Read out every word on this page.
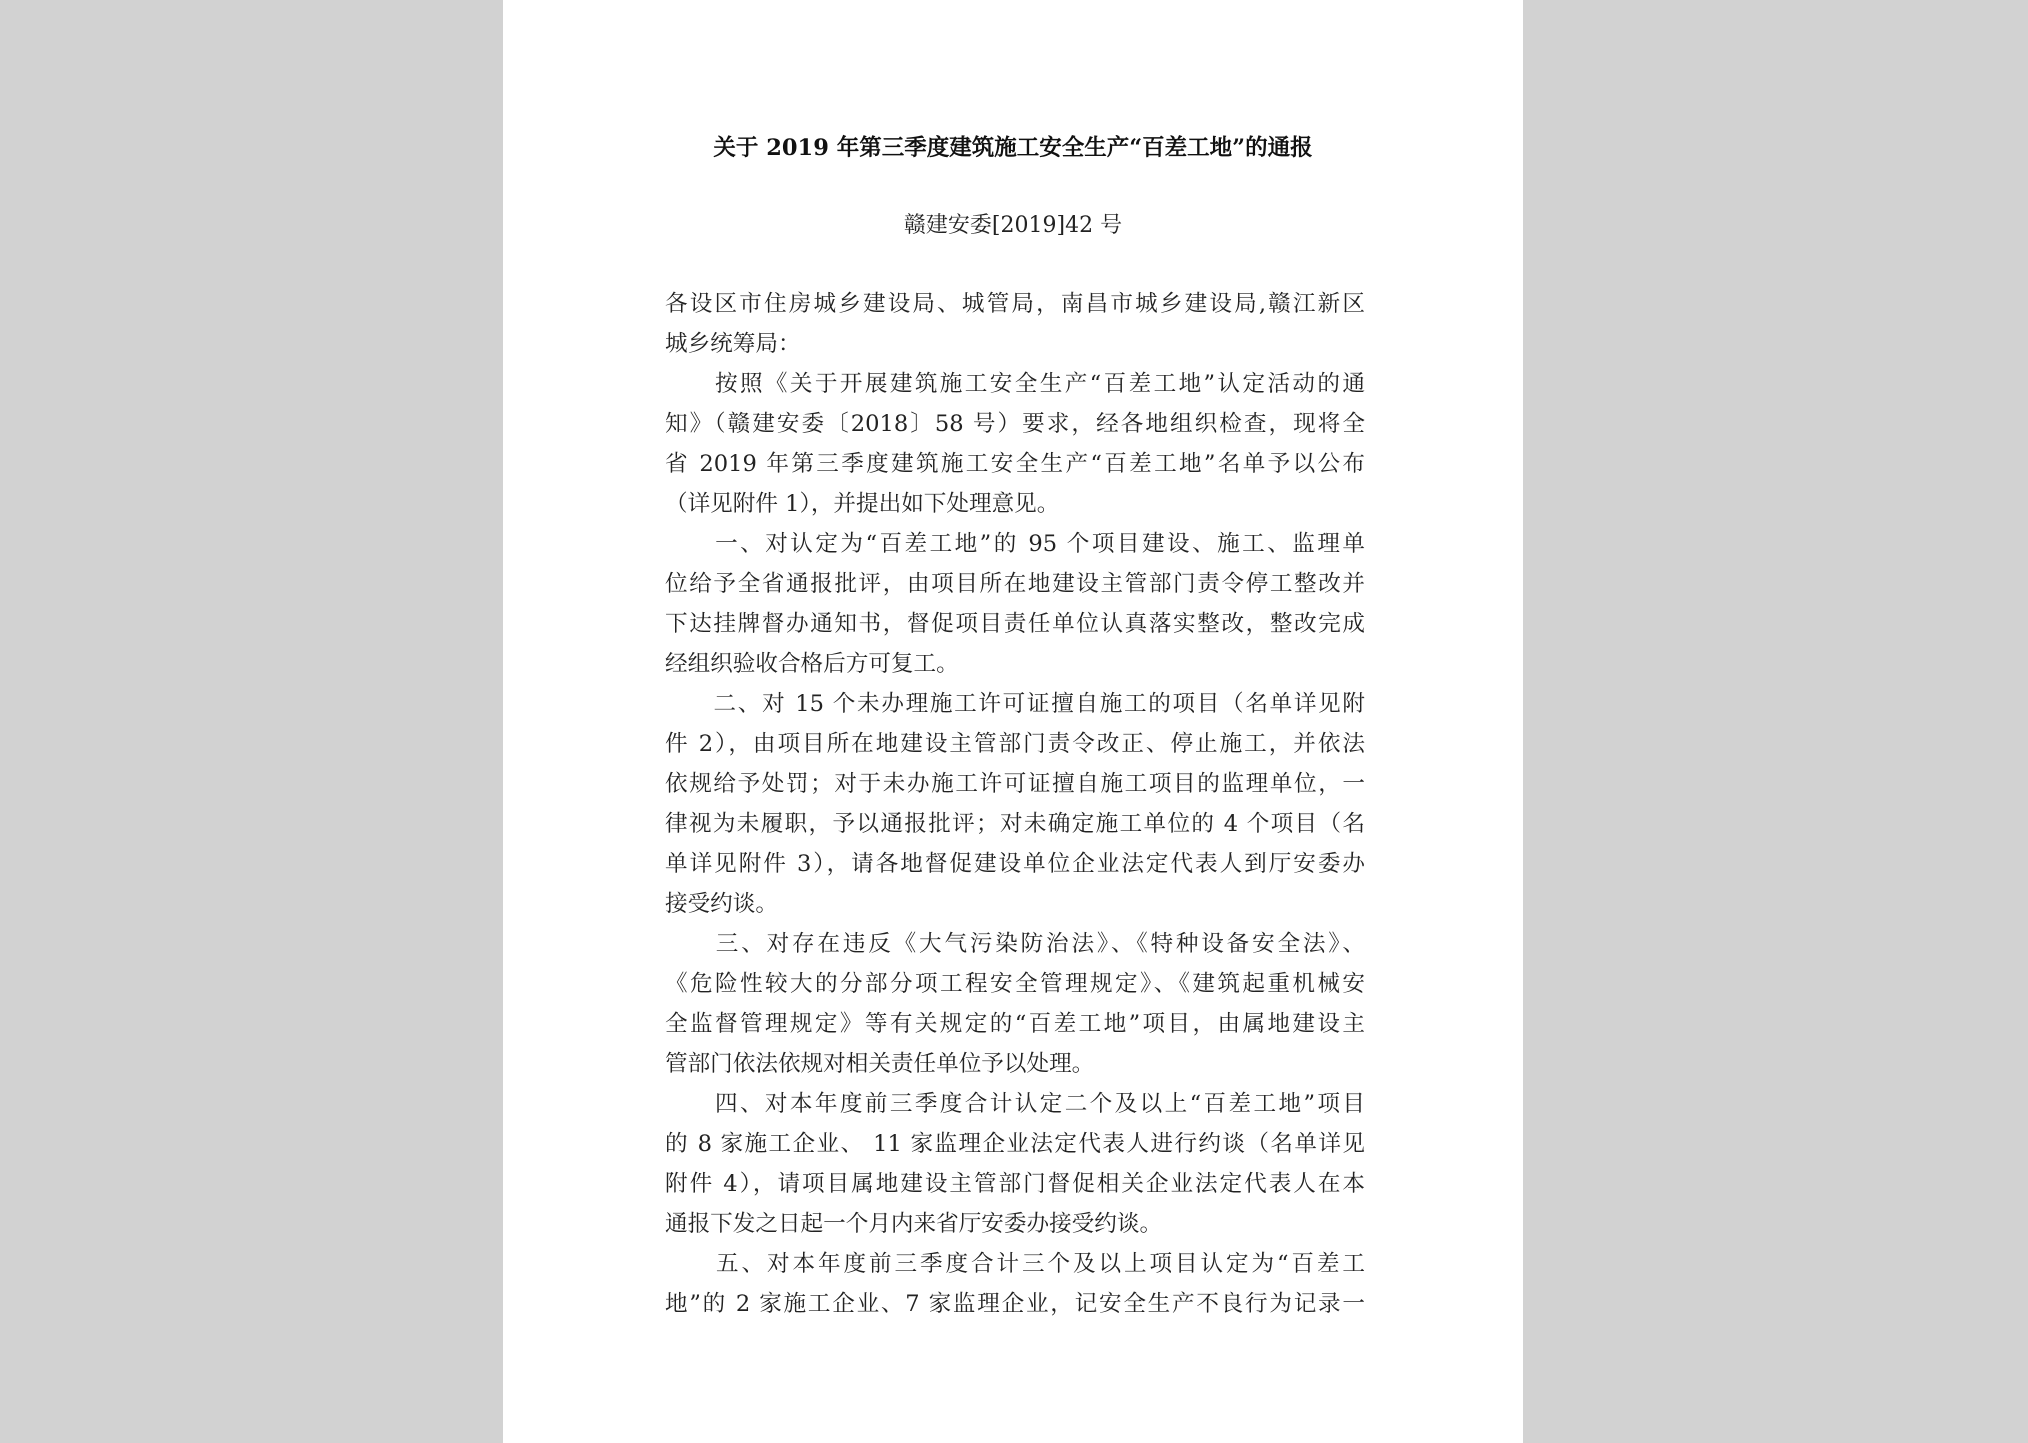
关于 2019 年第三季度建筑施工安全生产“百差工地”的通报
赣建安委[2019]42 号
各设区市住房城乡建设局、城管局，南昌市城乡建设局,赣江新区
城乡统筹局：
　　按照《关于开展建筑施工安全生产“百差工地”认定活动的通
知》（赣建安委〔2018〕58 号）要求，经各地组织检查，现将全
省 2019 年第三季度建筑施工安全生产“百差工地”名单予以公布
（详见附件 1），并提出如下处理意见。
　　一、对认定为“百差工地”的 95 个项目建设、施工、监理单
位给予全省通报批评，由项目所在地建设主管部门责令停工整改并
下达挂牌督办通知书，督促项目责任单位认真落实整改，整改完成
经组织验收合格后方可复工。
　　二、对 15 个未办理施工许可证擅自施工的项目（名单详见附
件 2），由项目所在地建设主管部门责令改正、停止施工，并依法
依规给予处罚；对于未办施工许可证擅自施工项目的监理单位，一
律视为未履职，予以通报批评；对未确定施工单位的 4 个项目（名
单详见附件 3），请各地督促建设单位企业法定代表人到厅安委办
接受约谈。
　　三、对存在违反《大气污染防治法》、《特种设备安全法》、
《危险性较大的分部分项工程安全管理规定》、《建筑起重机械安
全监督管理规定》等有关规定的“百差工地”项目，由属地建设主
管部门依法依规对相关责任单位予以处理。
　　四、对本年度前三季度合计认定二个及以上“百差工地”项目
的 8 家施工企业、 11 家监理企业法定代表人进行约谈（名单详见
附件 4），请项目属地建设主管部门督促相关企业法定代表人在本
通报下发之日起一个月内来省厅安委办接受约谈。
　　五、对本年度前三季度合计三个及以上项目认定为“百差工
地”的 2 家施工企业、7 家监理企业，记安全生产不良行为记录一
